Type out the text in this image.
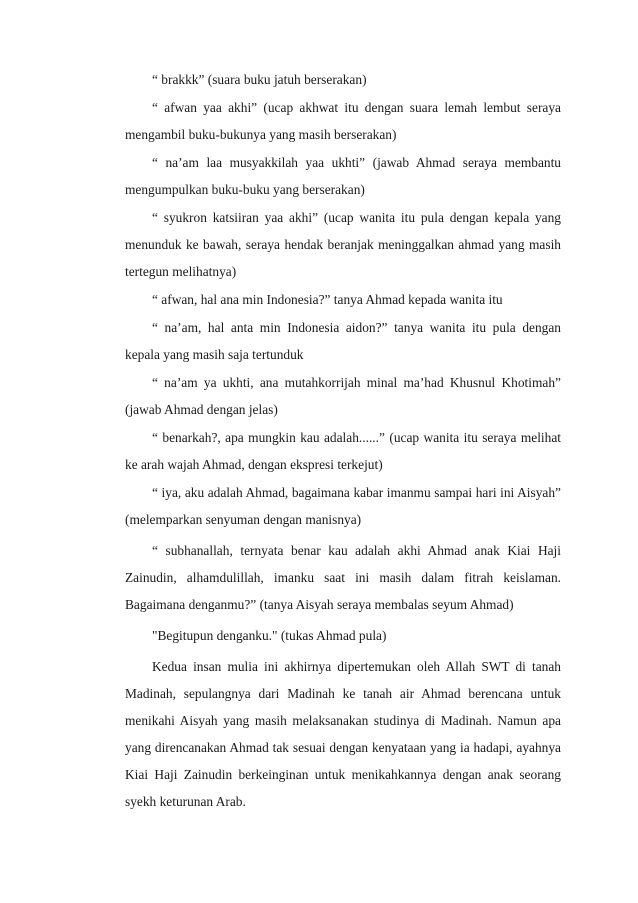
“ brakkk” (suara buku jatuh berserakan)

“ afwan yaa akhi” (ucap akhwat itu dengan suara lemah lembut seraya mengambil buku-bukunya yang masih berserakan)

“ na’am laa musyakkilah yaa ukhti” (jawab Ahmad seraya membantu mengumpulkan buku-buku yang berserakan)

“ syukron katsiiran yaa akhi” (ucap wanita itu pula dengan kepala yang menunduk ke bawah, seraya hendak beranjak meninggalkan ahmad yang masih tertegun melihatnya)

“ afwan, hal ana min Indonesia?” tanya Ahmad kepada wanita itu

“ na’am, hal anta min Indonesia aidon?” tanya wanita itu pula dengan kepala yang masih saja tertunduk

“ na’am ya ukhti, ana mutahkorrijah minal ma’had Khusnul Khotimah” (jawab Ahmad dengan jelas)

“ benarkah?, apa mungkin kau adalah......” (ucap wanita itu seraya melihat ke arah wajah Ahmad, dengan ekspresi terkejut)

“ iya, aku adalah Ahmad, bagaimana kabar imanmu sampai hari ini Aisyah” (melemparkan senyuman dengan manisnya)

“ subhanallah, ternyata benar kau adalah akhi Ahmad anak Kiai Haji Zainudin, alhamdulillah, imanku saat ini masih dalam fitrah keislaman. Bagaimana denganmu?” (tanya Aisyah seraya membalas seyum Ahmad)

"Begitupun denganku." (tukas Ahmad pula)

Kedua insan mulia ini akhirnya dipertemukan oleh Allah SWT di tanah Madinah, sepulangnya dari Madinah ke tanah air Ahmad berencana untuk menikahi Aisyah yang masih melaksanakan studinya di Madinah. Namun apa yang direncanakan Ahmad tak sesuai dengan kenyataan yang ia hadapi, ayahnya Kiai Haji Zainudin berkeinginan untuk menikahkannya dengan anak seorang syekh keturunan Arab.
